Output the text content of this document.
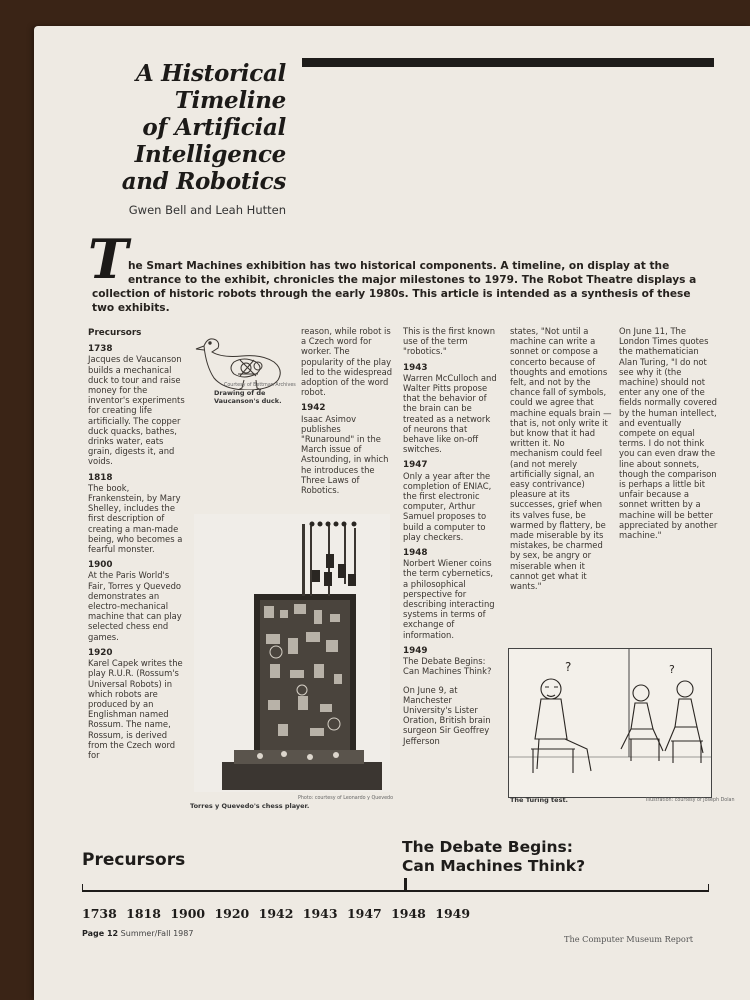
A Historical
Timeline
of Artificial
Intelligence
and Robotics
Gwen Bell and Leah Hutten
T he Smart Machines exhibition has two historical components. A timeline, on display at the
entrance to the exhibit, chronicles the major milestones to 1979. The Robot Theatre displays a
collection of historic robots through the early 1980s. This article is intended as a synthesis of these
two exhibits.
Precursors
1738

Jacques de Vaucanson builds a mechanical duck to tour and raise money for the inventor's experiments for creating life artificially. The copper duck quacks, bathes, drinks water, eats grain, digests it, and voids.

1818

The book, Frankenstein, by Mary Shelley, includes the first description of creating a man-made being, who becomes a fearful monster.

1900

At the Paris World's Fair, Torres y Quevedo demonstrates an electro-mechanical machine that can play selected chess end games.

1920

Karel Capek writes the play R.U.R. (Rossum's Universal Robots) in which robots are produced by an Englishman named Rossum. The name, Rossum, is derived from the Czech word for

Courtesy of Bettman Archives
Drawing of de
Vaucanson's duck.

reason, while robot is a Czech word for worker. The popularity of the play led to the widespread adoption of the word robot.

1942

Isaac Asimov publishes "Runaround" in the March issue of Astounding, in which he introduces the Three Laws of Robotics.

Photo: courtesy of Leonardo y Quevedo
Torres y Quevedo's chess player.

This is the first known use of the term "robotics."

1943

Warren McCulloch and Walter Pitts propose that the behavior of the brain can be treated as a network of neurons that behave like on-off switches.

1947

Only a year after the completion of ENIAC, the first electronic computer, Arthur Samuel proposes to build a computer to play checkers.

1948

Norbert Wiener coins the term cybernetics, a philosophical perspective for describing interacting systems in terms of exchange of information.

1949

The Debate Begins: Can Machines Think?

On June 9, at Manchester University's Lister Oration, British brain surgeon Sir Geoffrey Jefferson

states, "Not until a machine can write a sonnet or compose a concerto because of thoughts and emotions felt, and not by the chance fall of symbols, could we agree that machine equals brain — that is, not only write it but know that it had written it. No mechanism could feel (and not merely artificially signal, an easy contrivance) pleasure at its successes, grief when its valves fuse, be warmed by flattery, be made miserable by its mistakes, be charmed by sex, be angry or miserable when it cannot get what it wants."

On June 11, The London Times quotes the mathematician Alan Turing, "I do not see why it (the machine) should not enter any one of the fields normally covered by the human intellect, and eventually compete on equal terms. I do not think you can even draw the line about sonnets, though the comparison is perhaps a little bit unfair because a sonnet written by a machine will be better appreciated by another machine."

?	?
Illustration: courtesy of Joseph Dolan
The Turing test.
Precursors
The Debate Begins:
Can Machines Think?
1738 1818 1900 1920 1942 1943 1947 1948 1949
Page 12 Summer/Fall 1987
The Computer Museum Report
